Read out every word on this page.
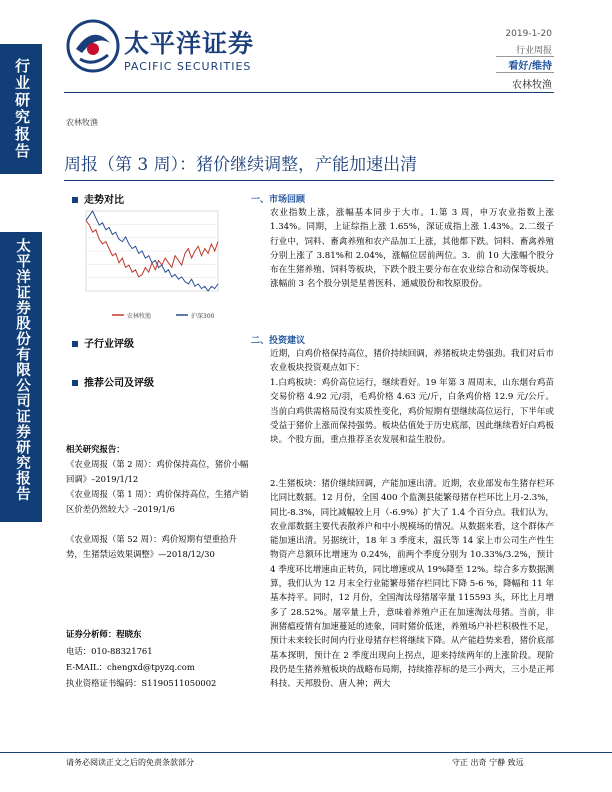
行业研究报告
太平洋证券股份有限公司证券研究报告
太平洋证券
PACIFIC SECURITIES
2019-1-20
行业周报
看好/维持
农林牧渔
农林牧渔
周报（第 3 周）：猪价继续调整，产能加速出清
走势对比
农林牧渔	沪深300
子行业评级
推荐公司及评级
相关研究报告：
《农业周报（第 2 周）：鸡价保持高位，猪价小幅回调》–2019/1/12
《农业周报（第 1 周）：鸡价保持高位，生猪产销区价差仍然较大》–2019/1/6
《农业周报（第 52 周）：鸡价短期有望重拾升势，生猪禁运效果调整》—2018/12/30
证券分析师：程晓东
电话：010-88321761
E-MAIL：chengxd@tpyzq.com
执业资格证书编码：S1190511050002
一、市场回顾
农业指数上涨，涨幅基本同步于大市。1.第 3 周，申万农业指数上涨 1.34%。同期，上证综指上涨 1.65%，深证成指上涨 1.43%。2.二级子行业中，饲料、畜禽养殖和农产品加工上涨，其他都下跌。饲料、畜禽养殖分别上涨了 3.81%和 2.04%，涨幅位居前两位。3．前 10 大涨幅个股分布在生猪养殖、饲料等板块，下跌个股主要分布在农业综合和动保等板块。涨幅前 3 名个股分别是星普医科、通威股份和牧原股份。
二、投资建议
近期，白鸡价格保持高位，猪价持续回调，养猪板块走势强劲。我们对后市农业板块投资观点如下：
1.白鸡板块：鸡价高位运行，继续看好。19 年第 3 周周末，山东烟台鸡苗交易价格 4.92 元/羽，毛鸡价格 4.63 元/斤，白条鸡价格 12.9 元/公斤。当前白鸡供需格局没有实质性变化，鸡价短期有望继续高位运行，下半年或受益于猪价上涨而保持强势。板块估值处于历史底部，因此继续看好白鸡板块。个股方面，重点推荐圣农发展和益生股份。
2.生猪板块：猪价继续回调，产能加速出清。近期，农业部发布生猪存栏环比同比数据。12 月份，全国 400 个监测县能繁母猪存栏环比上月-2.3%，同比-8.3%，同比减幅较上月（-6.9%）扩大了 1.4 个百分点。我们认为，农业部数据主要代表散养户和中小规模场的情况。从数据来看，这个群体产能加速出清。另据统计，18 年 3 季度末，温氏等 14 家上市公司生产性生物资产总额环比增速为 0.24%，前两个季度分别为 10.33%/3.2%，预计 4 季度环比增速由正转负，同比增速或从 19%降至 12%。综合多方数据测算，我们认为 12 月末全行业能繁母猪存栏同比下降 5-6 %，降幅和 11 年基本持平。同时，12 月份，全国淘汰母猪屠宰量 115593 头，环比上月增多了 28.52%。屠宰量上升，意味着养殖户正在加速淘汰母猪。当前，非洲猪瘟疫情有加速蔓延的迹象，同时猪价低迷，养殖场户补栏积极性不足，预计未来较长时间内行业母猪存栏将继续下降。从产能趋势来看，猪价底部基本探明，预计在 2 季度出现向上拐点，迎来持续两年的上涨阶段。现阶段仍是生猪养殖板块的战略布局期，持续推荐标的是三小两大，三小是正邦科技、天邦股份、唐人神；两大
请务必阅读正文之后的免责条款部分	守正 出奇 宁静 致远
